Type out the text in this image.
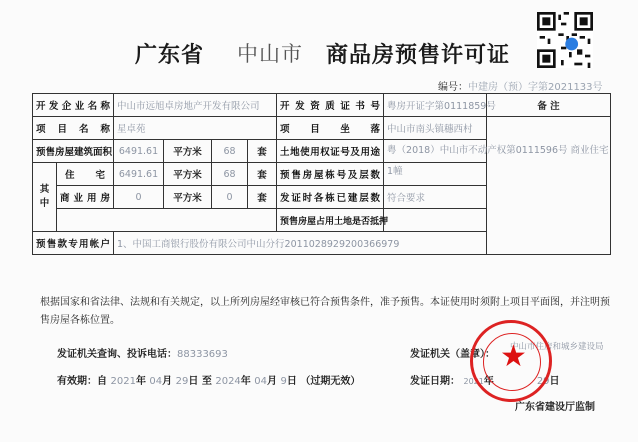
广东省 中山市 商品房预售许可证
编号：中建房（预）字第2021133号
开发企业名称		中山市远旭卓房地产开发有限公司				开发资质证书号	粤房开证字第0111859号	备 注
项目名称		星卓苑				项目坐落	中山市南头镇穗西村	
预售房屋建筑面积		6491.61	平方米	68	套	土地使用权证号及用途	粤（2018）中山市不动产权第0111596号 商业住宅	
其中	住 宅	6491.61	平方米	68	套	预售房屋栋号及层数	1幢	
	商业用房	0	平方米	0	套	发证时各栋已建层数	符合要求	
						预售房屋占用土地是否抵押		
预售款专用帐户		1、中国工商银行股份有限公司中山分行2011028929200366979						
根据国家和省法律、法规和有关规定，以上所列房屋经审核已符合预售条件，准予预售。本证使用时须附上项目平面图，并注明预售房屋各栋位置。
发证机关查询、投诉电话：88333693	发证机关（盖章）：
中山市住房和城乡建设局
有效期：自 2021年 04月 29日 至 2024年 04月 9日 （过期无效）	发证日期： 2021年	29日
★
广东省建设厅监制
